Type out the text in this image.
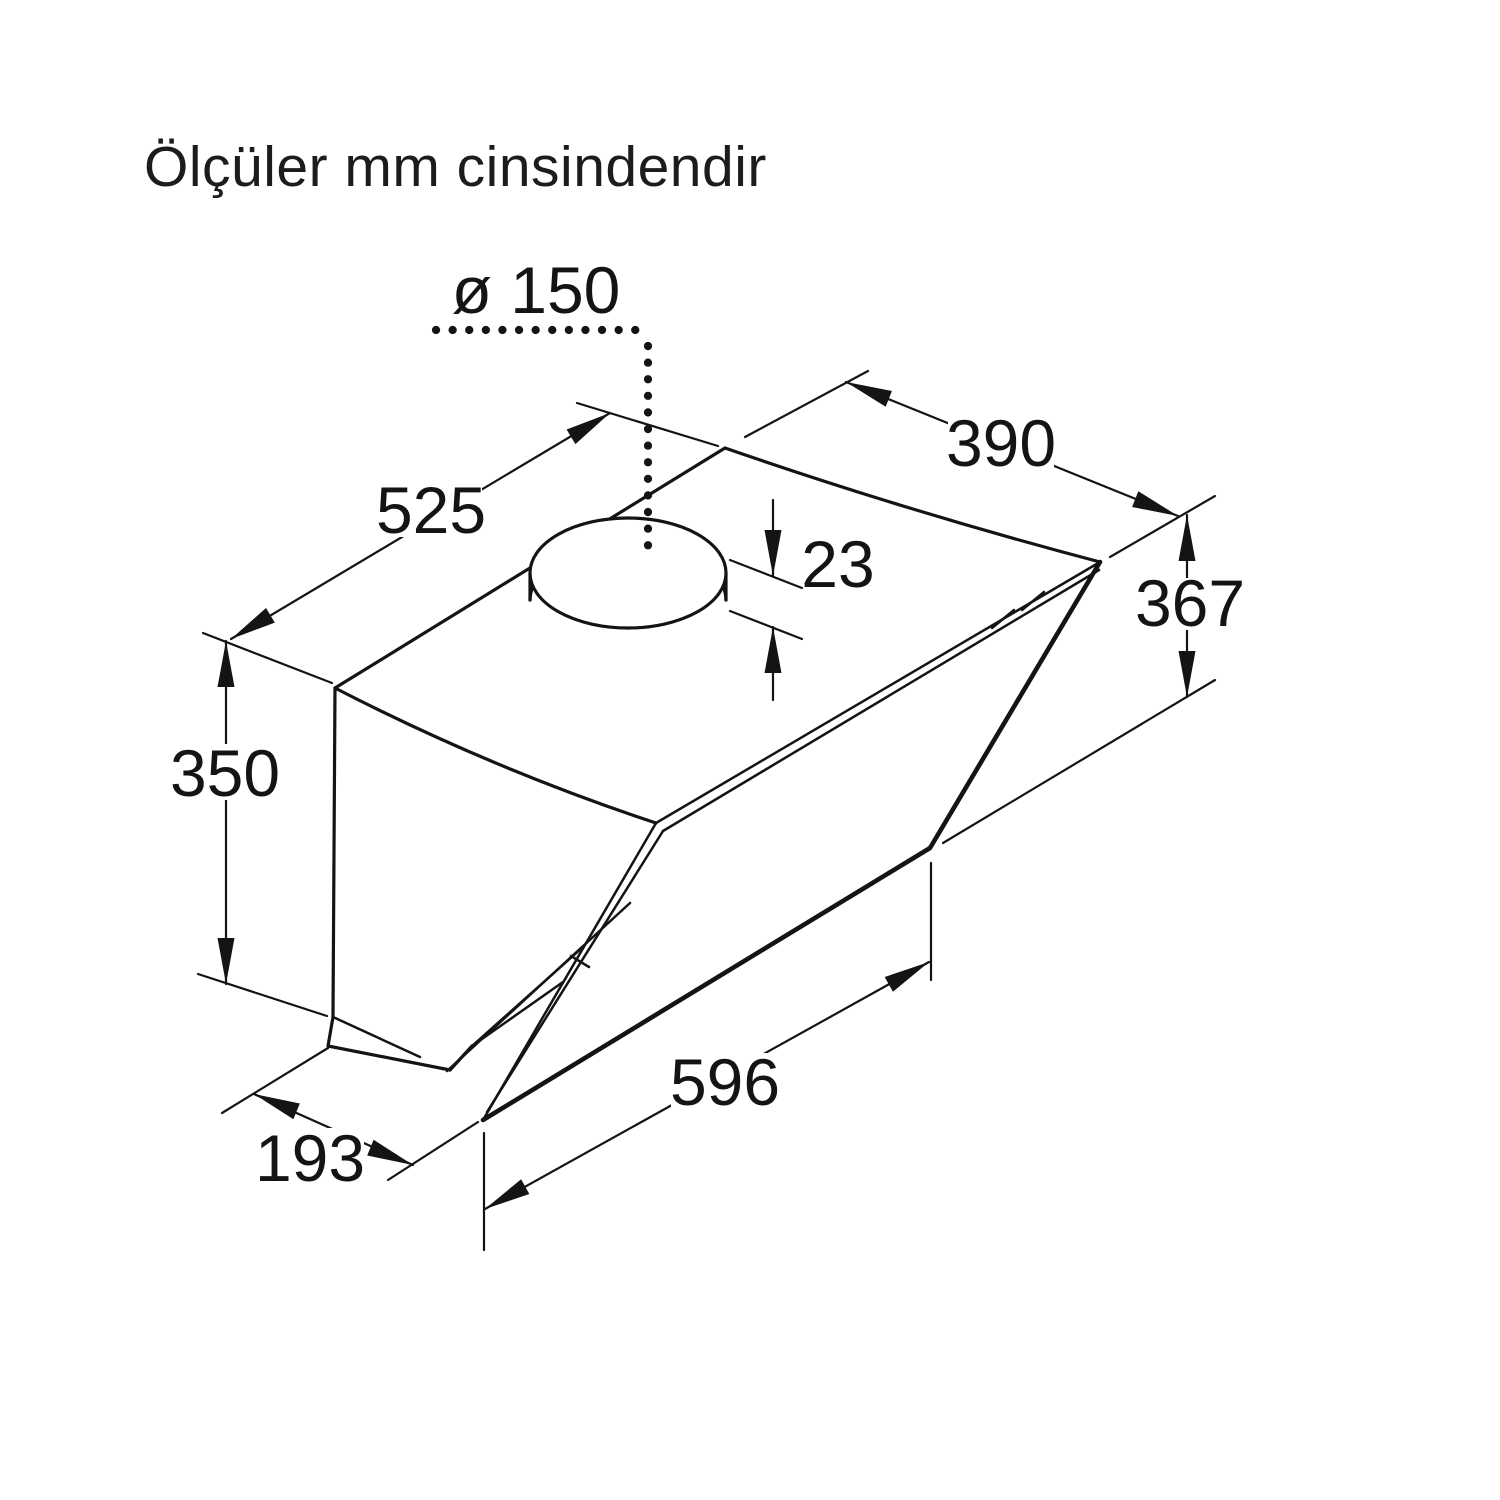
Ölçüler mm cinsindendir
ø 150
525
390
23
367
350
596
193
